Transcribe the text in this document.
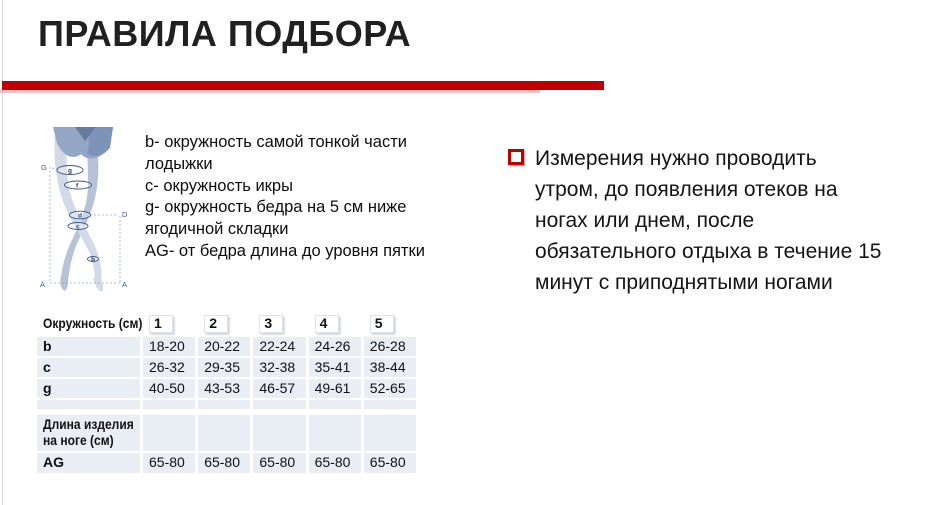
ПРАВИЛА ПОДБОРА
G
D
A	A
g
f
d
c
b

b- окружность самой тонкой части лодыжки

c- окружность икры

g- окружность бедра на 5 см ниже ягодичной складки

AG- от бедра длина до уровня пятки

Измерения нужно проводить
утром, до появления отеков на
ногах или днем, после
обязательного отдыха в течение 15
минут с приподнятыми ногами
Окружность (см) 1	2	3	4	5
b	18-20	20-22	22-24	24-26	26-28
c	26-32	29-35	32-38	35-41	38-44
g	40-50	43-53	46-57	49-61	52-65
Длина изделия
на ноге (см)
AG	65-80	65-80	65-80	65-80	65-80
